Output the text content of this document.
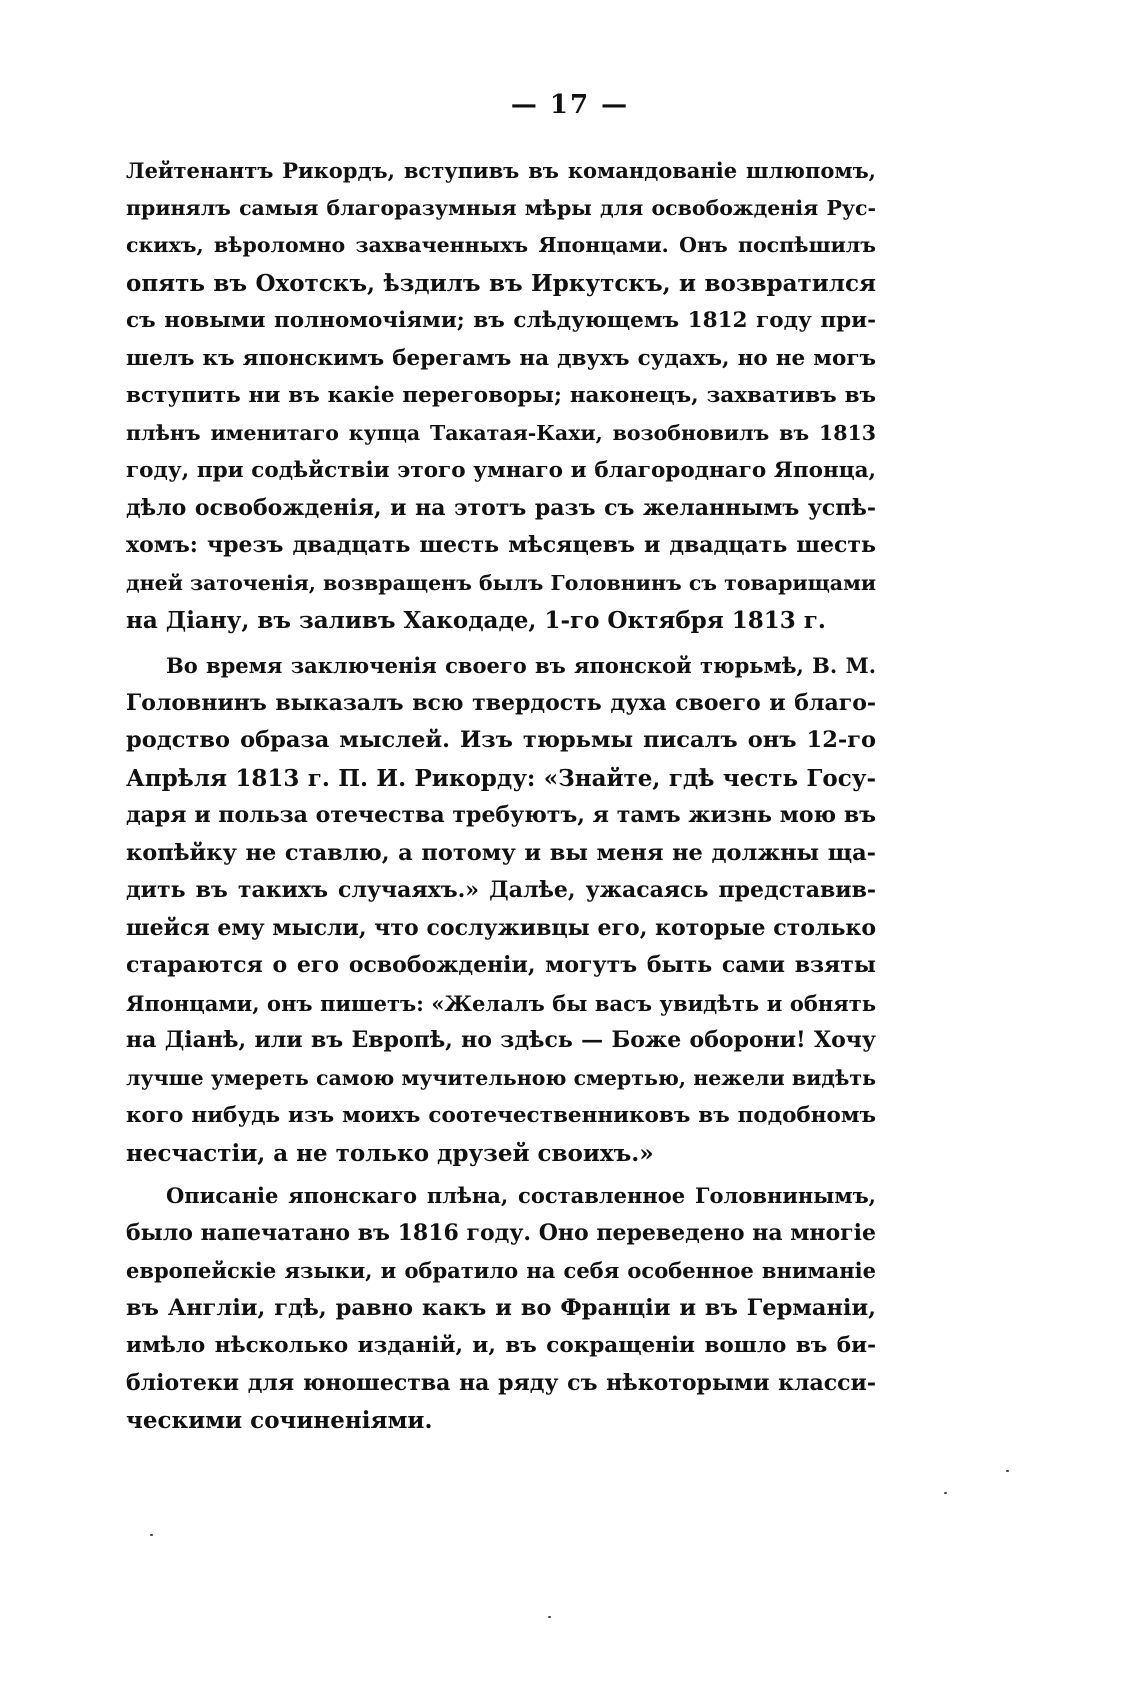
— 17 —
Лейтенантъ Рикордъ, вступивъ въ командованіе шлюпомъ,
принялъ самыя благоразумныя мѣры для освобожденія Рус-
скихъ, вѣроломно захваченныхъ Японцами. Онъ поспѣшилъ
опять въ Охотскъ, ѣздилъ въ Иркутскъ, и возвратился
съ новыми полномочіями; въ слѣдующемъ 1812 году при-
шелъ къ японскимъ берегамъ на двухъ судахъ, но не могъ
вступить ни въ какіе переговоры; наконецъ, захвативъ въ
плѣнъ именитаго купца Такатая-Кахи, возобновилъ въ 1813
году, при содѣйствіи этого умнаго и благороднаго Японца,
дѣло освобожденія, и на этотъ разъ съ желаннымъ успѣ-
хомъ: чрезъ двадцать шесть мѣсяцевъ и двадцать шесть
дней заточенія, возвращенъ былъ Головнинъ съ товарищами
на Діану, въ заливъ Хакодаде, 1-го Октября 1813 г.
Во время заключенія своего въ японской тюрьмѣ, В. М.
Головнинъ выказалъ всю твердость духа своего и благо-
родство образа мыслей. Изъ тюрьмы писалъ онъ 12-го
Апрѣля 1813 г. П. И. Рикорду: «Знайте, гдѣ честь Госу-
даря и польза отечества требуютъ, я тамъ жизнь мою въ
копѣйку не ставлю, а потому и вы меня не должны ща-
дить въ такихъ случаяхъ.» Далѣе, ужасаясь представив-
шейся ему мысли, что сослуживцы его, которые столько
стараются о его освобожденіи, могутъ быть сами взяты
Японцами, онъ пишетъ: «Желалъ бы васъ увидѣть и обнять
на Діанѣ, или въ Европѣ, но здѣсь — Боже оборони! Хочу
лучше умереть самою мучительною смертью, нежели видѣть
кого нибудь изъ моихъ соотечественниковъ въ подобномъ
несчастіи, а не только друзей своихъ.»
Описаніе японскаго плѣна, составленное Головнинымъ,
было напечатано въ 1816 году. Оно переведено на многіе
европейскіе языки, и обратило на себя особенное вниманіе
въ Англіи, гдѣ, равно какъ и во Франціи и въ Германіи,
имѣло нѣсколько изданій, и, въ сокращеніи вошло въ би-
бліотеки для юношества на ряду съ нѣкоторыми класси-
ческими сочиненіями.
